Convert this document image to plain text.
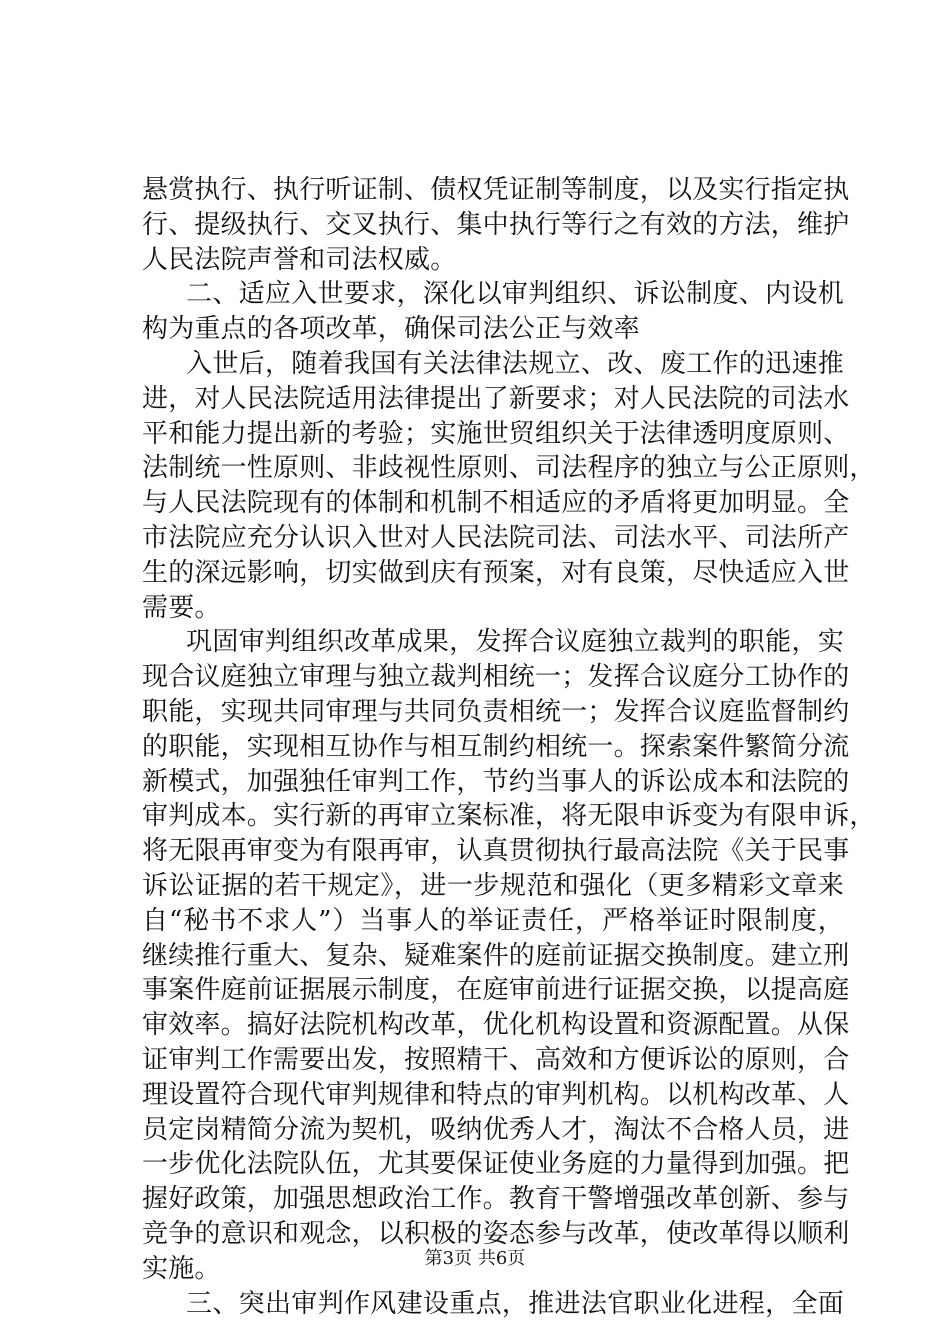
悬赏执行、执行听证制、债权凭证制等制度，以及实行指定执
行、提级执行、交叉执行、集中执行等行之有效的方法，维护
人民法院声誉和司法权威。
二、适应入世要求，深化以审判组织、诉讼制度、内设机
构为重点的各项改革，确保司法公正与效率
入世后，随着我国有关法律法规立、改、废工作的迅速推
进，对人民法院适用法律提出了新要求；对人民法院的司法水
平和能力提出新的考验；实施世贸组织关于法律透明度原则、
法制统一性原则、非歧视性原则、司法程序的独立与公正原则，
与人民法院现有的体制和机制不相适应的矛盾将更加明显。全
市法院应充分认识入世对人民法院司法、司法水平、司法所产
生的深远影响，切实做到庆有预案，对有良策，尽快适应入世
需要。
巩固审判组织改革成果，发挥合议庭独立裁判的职能，实
现合议庭独立审理与独立裁判相统一；发挥合议庭分工协作的
职能，实现共同审理与共同负责相统一；发挥合议庭监督制约
的职能，实现相互协作与相互制约相统一。探索案件繁简分流
新模式，加强独任审判工作，节约当事人的诉讼成本和法院的
审判成本。实行新的再审立案标准，将无限申诉变为有限申诉，
将无限再审变为有限再审，认真贯彻执行最高法院《关于民事
诉讼证据的若干规定》，进一步规范和强化（更多精彩文章来
自“秘书不求人”）当事人的举证责任，严格举证时限制度，
继续推行重大、复杂、疑难案件的庭前证据交换制度。建立刑
事案件庭前证据展示制度，在庭审前进行证据交换，以提高庭
审效率。搞好法院机构改革，优化机构设置和资源配置。从保
证审判工作需要出发，按照精干、高效和方便诉讼的原则，合
理设置符合现代审判规律和特点的审判机构。以机构改革、人
员定岗精简分流为契机，吸纳优秀人才，淘汰不合格人员，进
一步优化法院队伍，尤其要保证使业务庭的力量得到加强。把
握好政策，加强思想政治工作。教育干警增强改革创新、参与
竞争的意识和观念，以积极的姿态参与改革，使改革得以顺利
实施。
三、突出审判作风建设重点，推进法官职业化进程，全面
第3页 共6页
